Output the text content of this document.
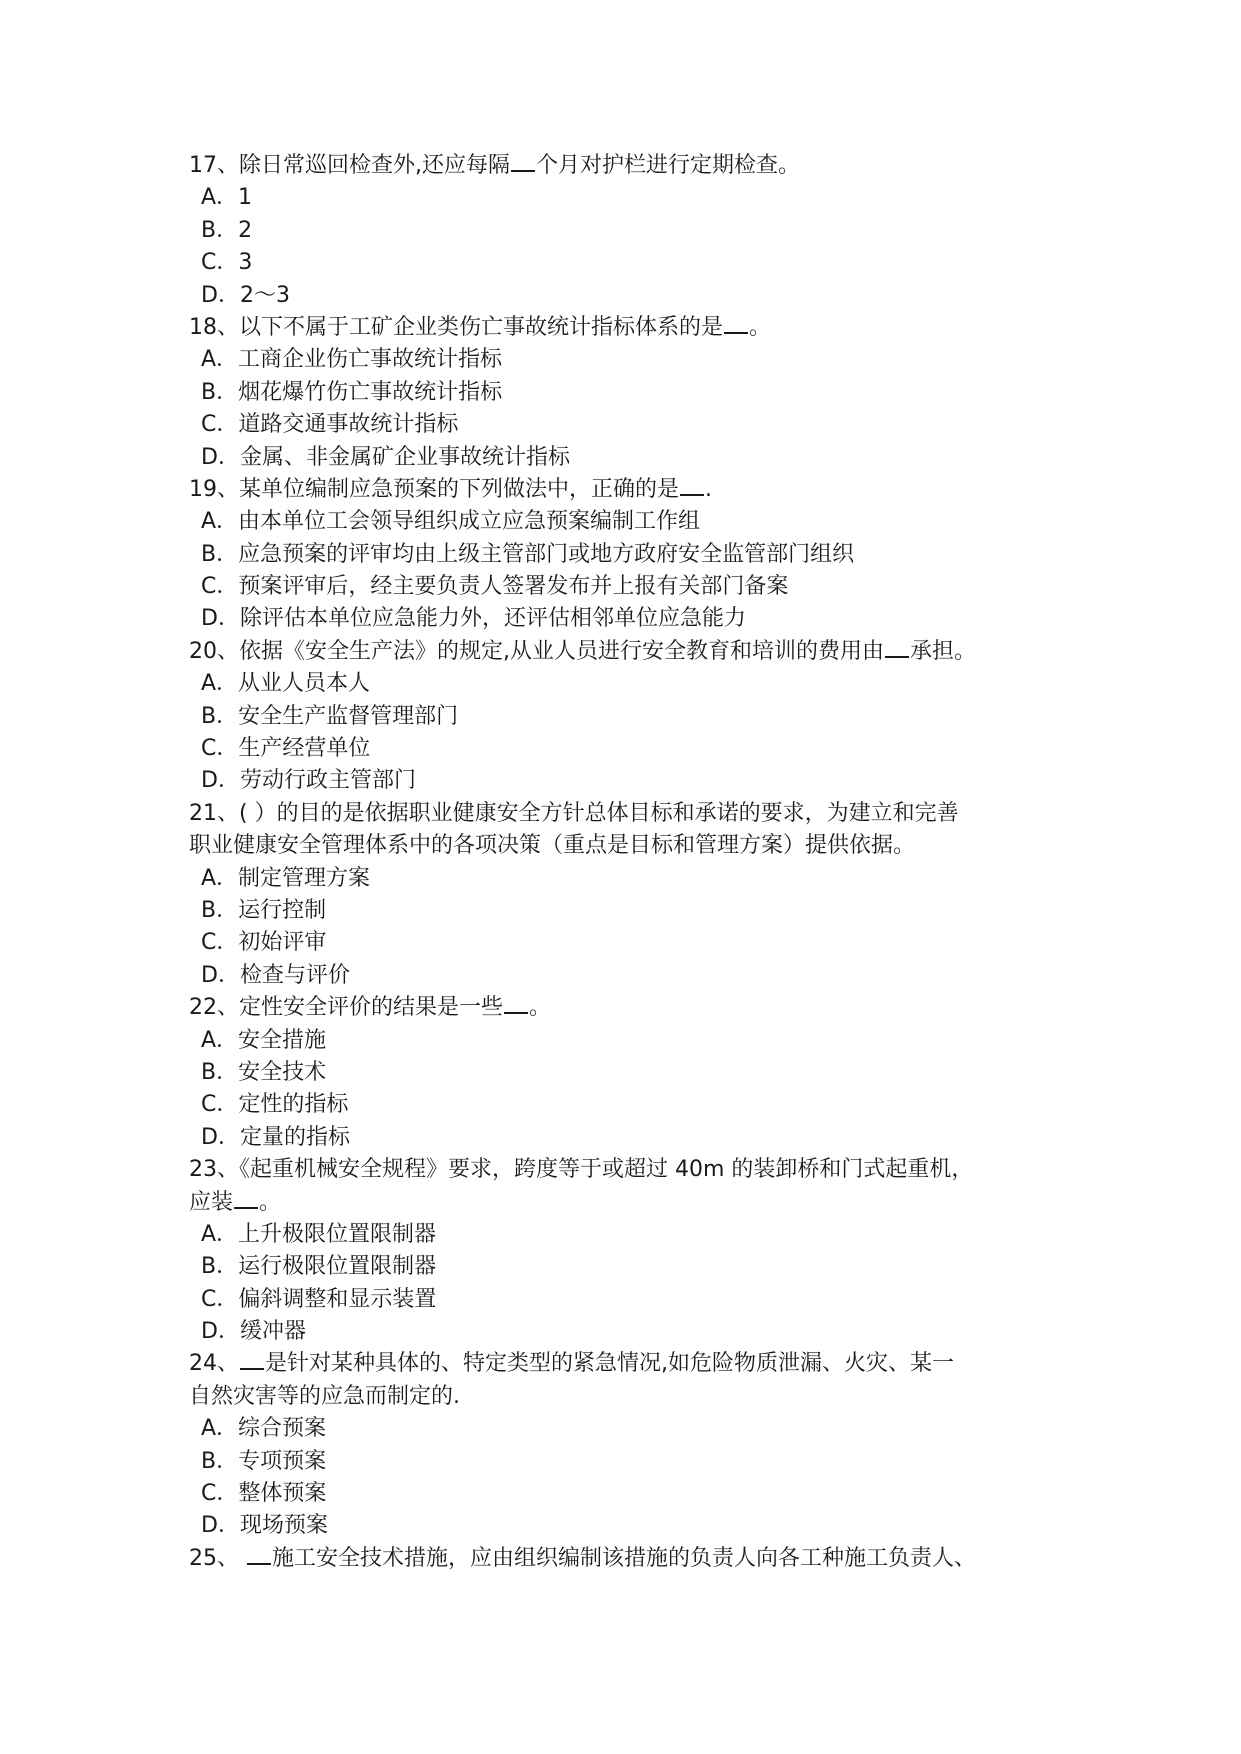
17、除日常巡回检查外,还应每隔 个月对护栏进行定期检查。
A．1
B．2
C．3
D．2～3
18、以下不属于工矿企业类伤亡事故统计指标体系的是 。
A．工商企业伤亡事故统计指标
B．烟花爆竹伤亡事故统计指标
C．道路交通事故统计指标
D．金属、非金属矿企业事故统计指标
19、某单位编制应急预案的下列做法中，正确的是 .
A．由本单位工会领导组织成立应急预案编制工作组
B．应急预案的评审均由上级主管部门或地方政府安全监管部门组织
C．预案评审后，经主要负责人签署发布并上报有关部门备案
D．除评估本单位应急能力外，还评估相邻单位应急能力
20、依据《安全生产法》的规定,从业人员进行安全教育和培训的费用由 承担。
A．从业人员本人
B．安全生产监督管理部门
C．生产经营单位
D．劳动行政主管部门
21、( ）的目的是依据职业健康安全方针总体目标和承诺的要求，为建立和完善
职业健康安全管理体系中的各项决策（重点是目标和管理方案）提供依据。
A．制定管理方案
B．运行控制
C．初始评审
D．检查与评价
22、定性安全评价的结果是一些 。
A．安全措施
B．安全技术
C．定性的指标
D．定量的指标
23、《起重机械安全规程》要求，跨度等于或超过 40m 的装卸桥和门式起重机，
应装 。
A．上升极限位置限制器
B．运行极限位置限制器
C．偏斜调整和显示装置
D．缓冲器
24、 是针对某种具体的、特定类型的紧急情况,如危险物质泄漏、火灾、某一
自然灾害等的应急而制定的.
A．综合预案
B．专项预案
C．整体预案
D．现场预案
25、 施工安全技术措施，应由组织编制该措施的负责人向各工种施工负责人、
